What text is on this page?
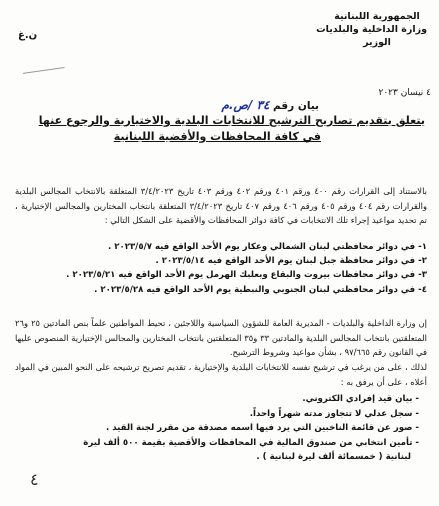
الجمهورية اللبنانية
وزارة الداخلية والبلديات
الوزير
ن.غ
٤ نيسان ٢٠٢٣
بيان رقم ٣٤ /ص.م
يتعلق بتقديم تصاريح الترشيح للانتخابات البلدية والاختيارية والرجوع عنها
في كافة المحافظات والأقضية اللبنانية
بالاستناد إلى القرارات رقم ٤٠٠ ورقم ٤٠١ ورقم ٤٠٢ ورقم ٤٠٣ تاريخ ٣/٤/٢٠٢٣ المتعلقة بالانتخاب المجالس البلدية والقرارات رقم ٤٠٤ ورقم ٤٠٥ ورقم ٤٠٦ ورقم ٤٠٧ تاريخ ٣/٤/٢٠٢٣ المتعلقة بانتخاب المختارين والمجالس الإختيارية ، تم تحديد مواعيد إجراء تلك الانتخابات في كافة دوائر المحافظات والأقضية على الشكل التالي :
١- في دوائر محافظتي لبنان الشمالي وعكار يوم الأحد الواقع فيه ٢٠٢٣/٥/٧ .
٢- في دوائر محافظة جبل لبنان يوم الأحد الواقع فيه ٢٠٢٣/٥/١٤ .
٣- في دوائر محافظات بيروت والبقاع وبعلبك الهرمل يوم الأحد الواقع فيه ٢٠٢٣/٥/٢١ .
٤- في دوائر محافظتي لبنان الجنوبي والنبطية يوم الأحد الواقع فيه ٢٠٢٣/٥/٢٨ .
إن وزارة الداخلية والبلديات - المديرية العامة للشؤون السياسية واللاجئين ، تحيط المواطنين علماً بنص المادتين ٢٥ و٢٦ المتعلقتين بانتخاب المجالس البلدية والمادتين ٣٣ و٣٥ المتعلقتين بانتخاب المختارين والمجالس الإختيارية المنصوص عليها في القانون رقم ٩٧/٦٦٥ ، بشأن مواعيد وشروط الترشيح.
لذلك ، على من يرغب في ترشيح نفسه للانتخابات البلدية والإختيارية ، تقديم تصريح ترشيحه على النحو المبين في المواد أعلاه ، على أن يرفق به :
- بيان قيد إفرادي الكتروني.
- سجل عدلي لا تتجاوز مدته شهراً واحداً.
- صور عن قائمة الناخبين التي يرد فيها اسمه مصدقة من مقرر لجنة القيد .
- تأمين انتخابي من صندوق المالية في المحافظات والأقضية بقيمة ٥٠٠ ألف ليرة
لبنانية ( خمسمائة ألف ليرة لبنانية ) .
٤
